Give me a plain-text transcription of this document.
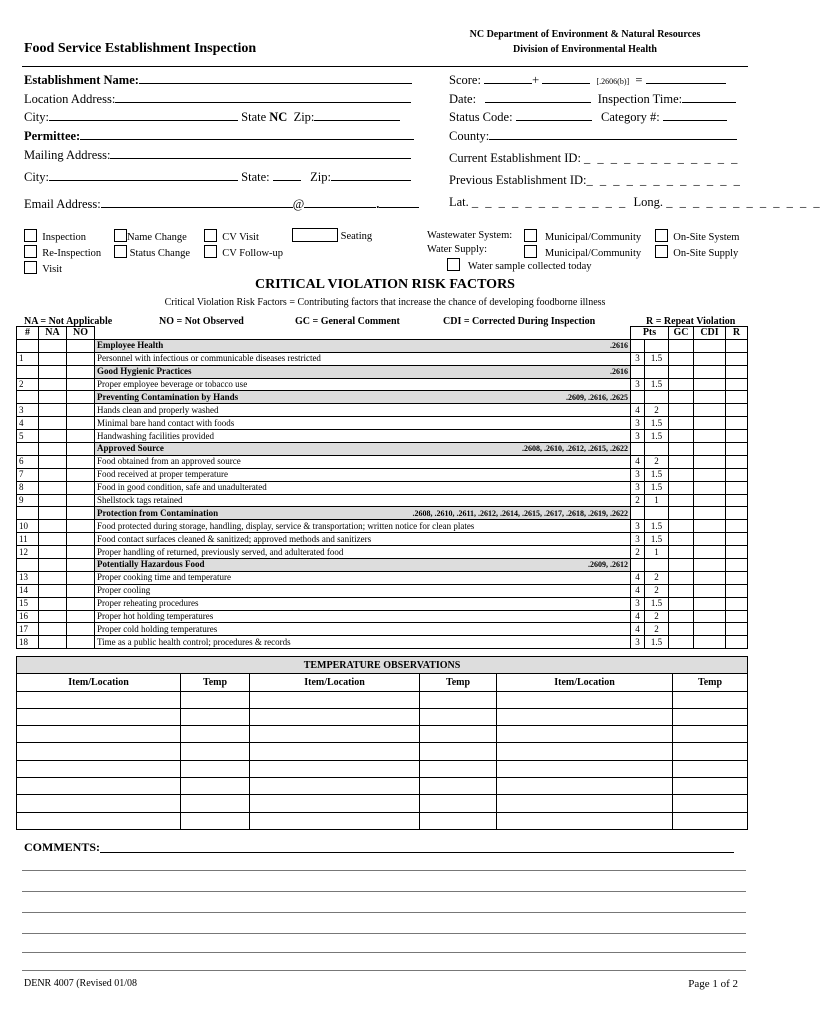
Food Service Establishment Inspection
NC Department of Environment & Natural Resources
Division of Environmental Health
Establishment Name:
Location Address:
City:	State NC Zip:
Permittee:
Mailing Address:
City:	State:	Zip:
Email Address:	@	.
Score:	+	[.2606(b)] =
Date:	Inspection Time:
Status Code:	Category #:
County:
Current Establishment ID: _ _ _ _ _ _ _ _ _ _ _ _
Previous Establishment ID:_ _ _ _ _ _ _ _ _ _ _ _
Lat. _ _ _ _ _ _ _ _ _ _ _ _ Long. _ _ _ _ _ _ _ _ _ _ _ _
Inspection
Re-Inspection
Visit
Name Change
Status Change
CV Visit
CV Follow-up
Seating	Wastewater System:
Water Supply:
Municipal/Community
Municipal/Community
On-Site System
On-Site Supply
Water sample collected today
CRITICAL VIOLATION RISK FACTORS
Critical Violation Risk Factors = Contributing factors that increase the chance of developing foodborne illness
NA = Not Applicable	NO = Not Observed	GC = General Comment	CDI = Corrected During Inspection	R = Repeat Violation
#	NA	NO		Pts		GC	CDI	R
			Employee Health .2616					

1			Personnel with infectious or communicable diseases restricted	3	1.5			
			Good Hygienic Practices .2616					

2			Proper employee beverage or tobacco use	3	1.5			
			Preventing Contamination by Hands .2609, .2616, .2625					

3			Hands clean and properly washed	4	2			
4			Minimal bare hand contact with foods	3	1.5			
5			Handwashing facilities provided	3	1.5			
			Approved Source .2608, .2610, .2612, .2615, .2622					

6			Food obtained from an approved source	4	2			
7			Food received at proper temperature	3	1.5			
8			Food in good condition, safe and unadulterated	3	1.5			
9			Shellstock tags retained	2	1			
			Protection from Contamination .2608, .2610, .2611, .2612, .2614, .2615, .2617, .2618, .2619, .2622					

10			Food protected during storage, handling, display, service & transportation; written notice for clean plates	3	1.5			
11			Food contact surfaces cleaned & sanitized; approved methods and sanitizers	3	1.5			
12			Proper handling of returned, previously served, and adulterated food	2	1			
			Potentially Hazardous Food .2609, .2612					

13			Proper cooking time and temperature	4	2			
14			Proper cooling	4	2			
15			Proper reheating procedures	3	1.5			
16			Proper hot holding temperatures	4	2			
17			Proper cold holding temperatures	4	2			
18			Time as a public health control; procedures & records	3	1.5			
TEMPERATURE OBSERVATIONS					
Item/Location	Temp	Item/Location	Temp	Item/Location	Temp

COMMENTS:
DENR 4007 (Revised 01/08	Page 1 of 2
